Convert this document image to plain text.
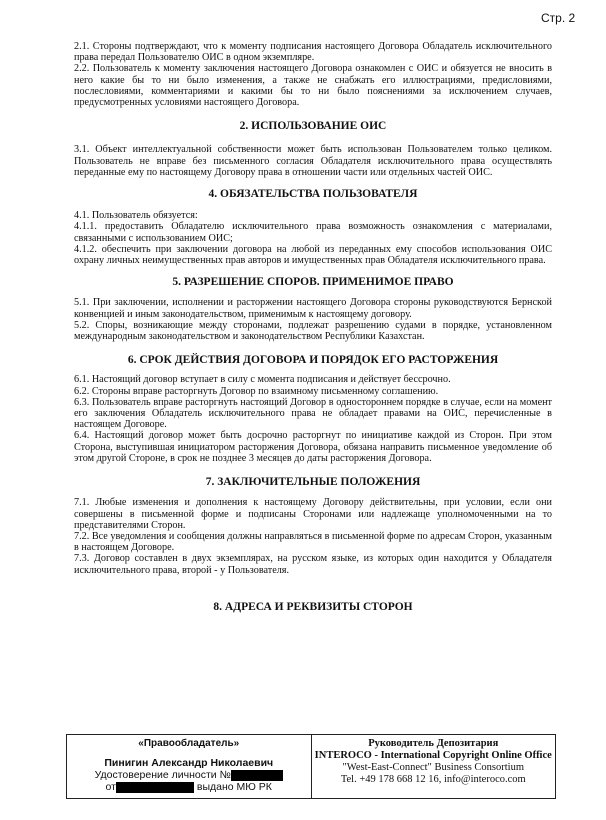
Стр. 2

2.1. Стороны подтверждают, что к моменту подписания настоящего Договора Обладатель исключительного права передал Пользователю ОИС в одном экземпляре.

2.2. Пользователь к моменту заключения настоящего Договора ознакомлен с ОИС и обязуется не вносить в него какие бы то ни было изменения, а также не снабжать его иллюстрациями, предисловиями, послесловиями, комментариями и какими бы то ни было пояснениями за исключением случаев, предусмотренных условиями настоящего Договора.

2. ИСПОЛЬЗОВАНИЕ ОИС

3.1. Объект интеллектуальной собственности может быть использован Пользователем только целиком. Пользователь не вправе без письменного согласия Обладателя исключительного права осуществлять переданные ему по настоящему Договору права в отношении части или отдельных частей ОИС.

4. ОБЯЗАТЕЛЬСТВА ПОЛЬЗОВАТЕЛЯ

4.1. Пользователь обязуется:

4.1.1. предоставить Обладателю исключительного права возможность ознакомления с материалами, связанными с использованием ОИС;

4.1.2. обеспечить при заключении договора на любой из переданных ему способов использования ОИС охрану личных неимущественных прав авторов и имущественных прав Обладателя исключительного права.

5. РАЗРЕШЕНИЕ СПОРОВ. ПРИМЕНИМОЕ ПРАВО

5.1. При заключении, исполнении и расторжении настоящего Договора стороны руководствуются Бернской конвенцией и иным законодательством, применимым к настоящему договору.

5.2. Споры, возникающие между сторонами, подлежат разрешению судами в порядке, установленном международным законодательством и законодательством Республики Казахстан.

6. СРОК ДЕЙСТВИЯ ДОГОВОРА И ПОРЯДОК ЕГО РАСТОРЖЕНИЯ

6.1. Настоящий договор вступает в силу с момента подписания и действует бессрочно.

6.2. Стороны вправе расторгнуть Договор по взаимному письменному соглашению.

6.3. Пользователь вправе расторгнуть настоящий Договор в одностороннем порядке в случае, если на момент его заключения Обладатель исключительного права не обладает правами на ОИС, перечисленные в настоящем Договоре.

6.4. Настоящий договор может быть досрочно расторгнут по инициативе каждой из Сторон. При этом Сторона, выступившая инициатором расторжения Договора, обязана направить письменное уведомление об этом другой Стороне, в срок не позднее 3 месяцев до даты расторжения Договора.

7. ЗАКЛЮЧИТЕЛЬНЫЕ ПОЛОЖЕНИЯ

7.1. Любые изменения и дополнения к настоящему Договору действительны, при условии, если они совершены в письменной форме и подписаны Сторонами или надлежаще уполномоченными на то представителями Сторон.

7.2. Все уведомления и сообщения должны направляться в письменной форме по адресам Сторон, указанным в настоящем Договоре.

7.3. Договор составлен в двух экземплярах, на русском языке, из которых один находится у Обладателя исключительного права, второй - у Пользователя.

8. АДРЕСА И РЕКВИЗИТЫ СТОРОН

«Правообладатель»
Пинигин Александр Николаевич
Удостоверение личности №
от	выдано МЮ РК
Руководитель Депозитария
INTEROCO - International Copyright Online Office
"West-East-Connect" Business Consortium
Tel. +49 178 668 12 16, info@interoco.com
